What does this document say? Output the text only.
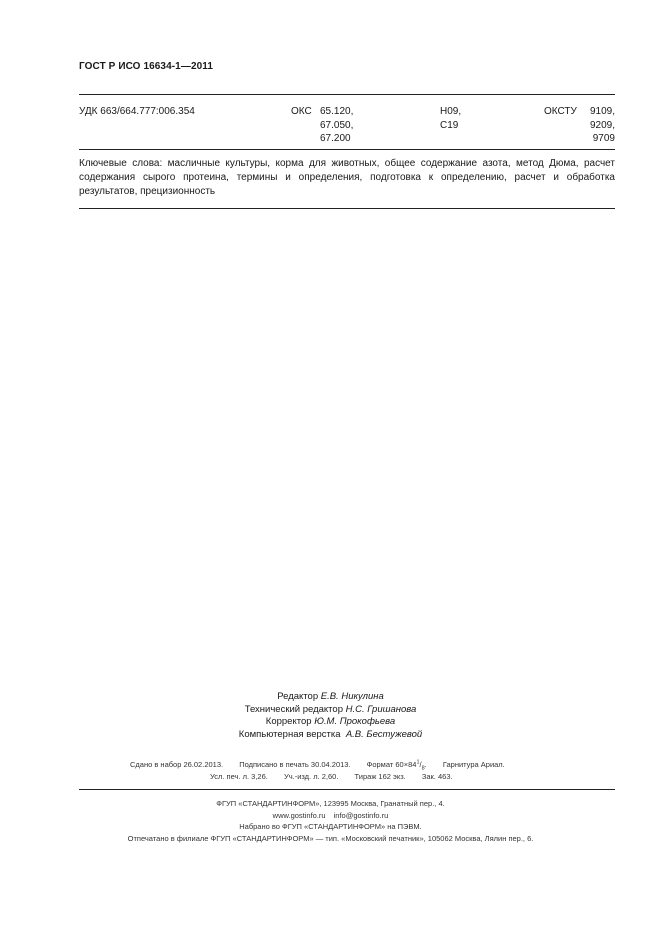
ГОСТ Р ИСО 16634-1—2011
УДК 663/664.777:006.354	ОКС 65.120,
67.050,
67.200
Н09,
С19
ОКСТУ	9109,
9209,
9709
Ключевые слова: масличные культуры, корма для животных, общее содержание азота, метод Дюма, расчет содержания сырого протеина, термины и определения, подготовка к определению, расчет и обработка результатов, прецизионность
Редактор Е.В. Никулина
Технический редактор Н.С. Гришанова
Корректор Ю.М. Прокофьева
Компьютерная верстка А.В. Бестужевой
Сдано в набор 26.02.2013. Подписано в печать 30.04.2013. Формат $60\times 84^1/_8$. Гарнитура Ариал.
Усл. печ. л. 3,26. Уч.-изд. л. 2,60. Тираж 162 экз. Зак. 463.
ФГУП «СТАНДАРТИНФОРМ», 123995 Москва, Гранатный пер., 4.
www.gostinfo.ru info@gostinfo.ru
Набрано во ФГУП «СТАНДАРТИНФОРМ» на ПЭВМ.
Отпечатано в филиале ФГУП «СТАНДАРТИНФОРМ» — тип. «Московский печатник», 105062 Москва, Лялин пер., 6.
